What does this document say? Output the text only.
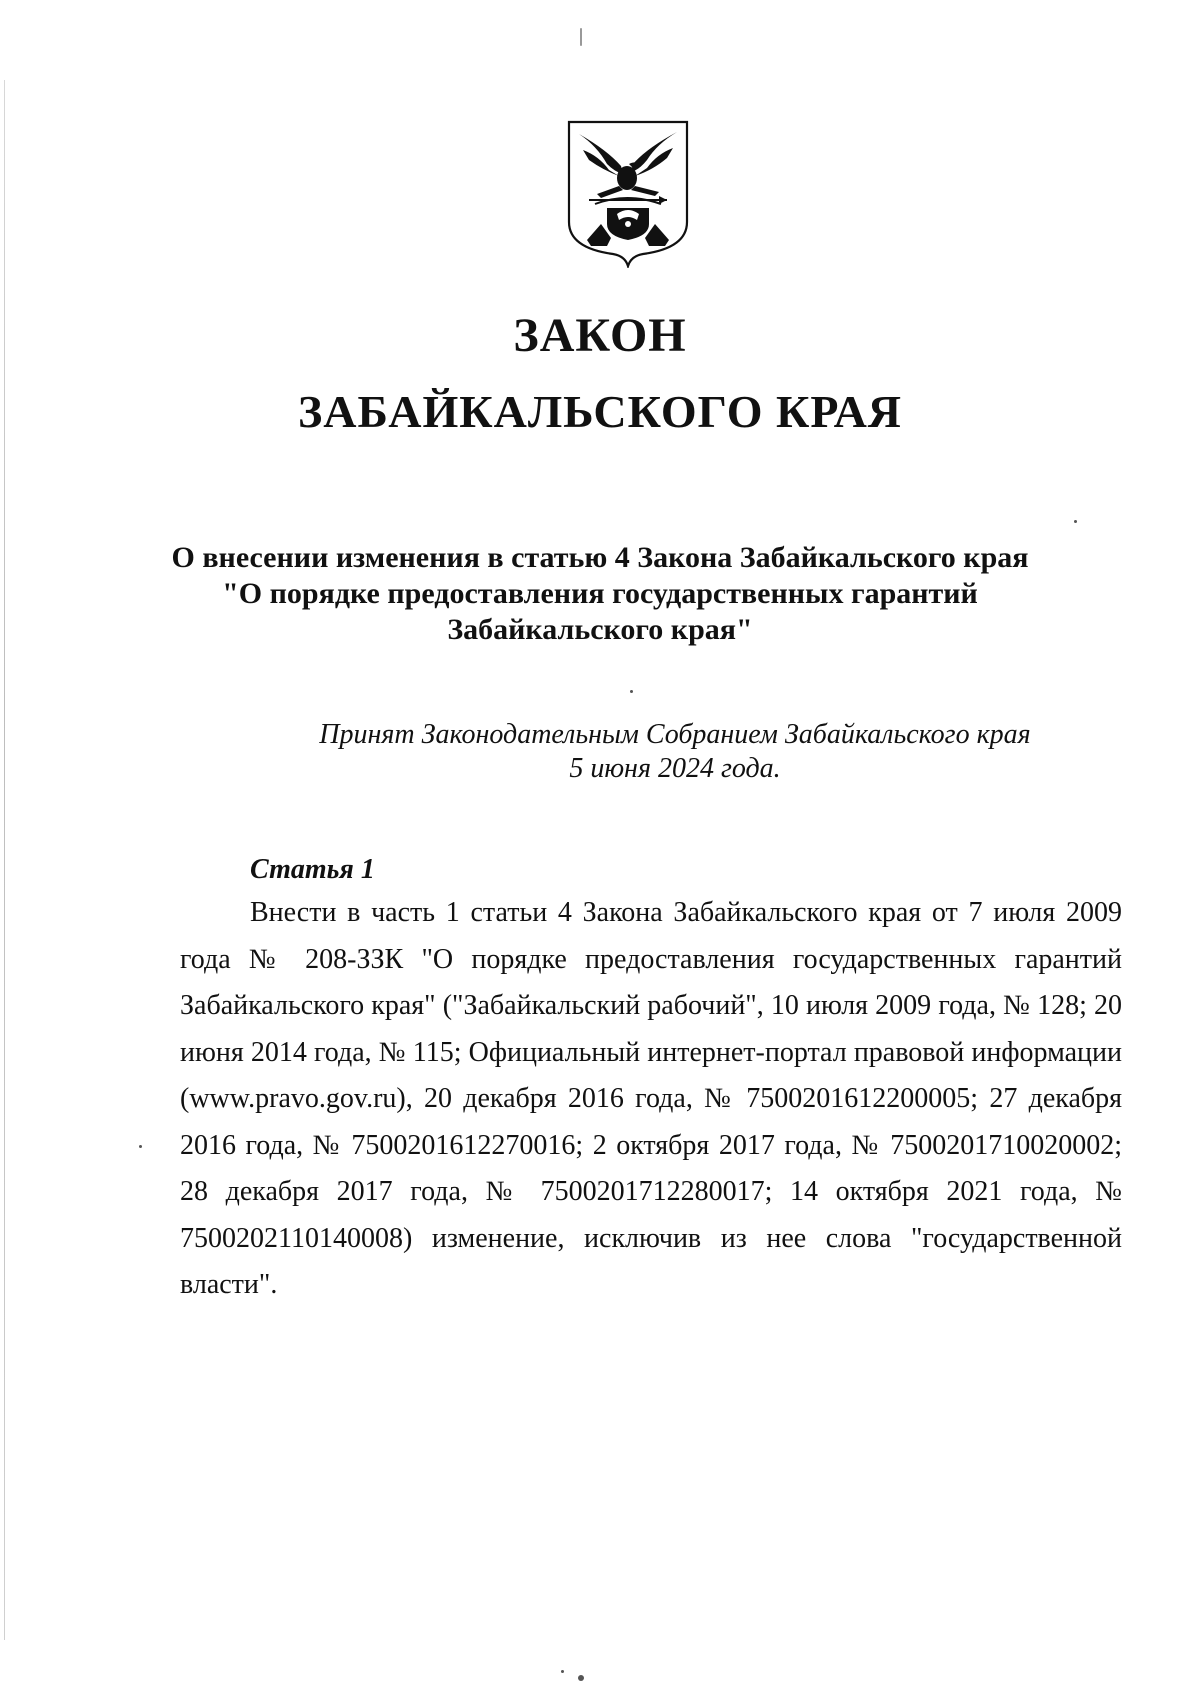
ЗАКОН
ЗАБАЙКАЛЬСКОГО КРАЯ
О внесении изменения в статью 4 Закона Забайкальского края
"О порядке предоставления государственных гарантий
Забайкальского края"
Принят Законодательным Собранием Забайкальского края
5 июня 2024 года.
Статья 1

Внести в часть 1 статьи 4 Закона Забайкальского края от 7 июля 2009 года № 208-ЗЗК "О порядке предоставления государственных гарантий Забайкальского края" ("Забайкальский рабочий", 10 июля 2009 года, № 128; 20 июня 2014 года, № 115; Официальный интернет-портал правовой информации (www.pravo.gov.ru), 20 декабря 2016 года, № 7500201612200005; 27 декабря 2016 года, № 7500201612270016; 2 октября 2017 года, № 7500201710020002; 28 декабря 2017 года, № 7500201712280017; 14 октября 2021 года, № 7500202110140008) изменение, исключив из нее слова "государственной власти".
